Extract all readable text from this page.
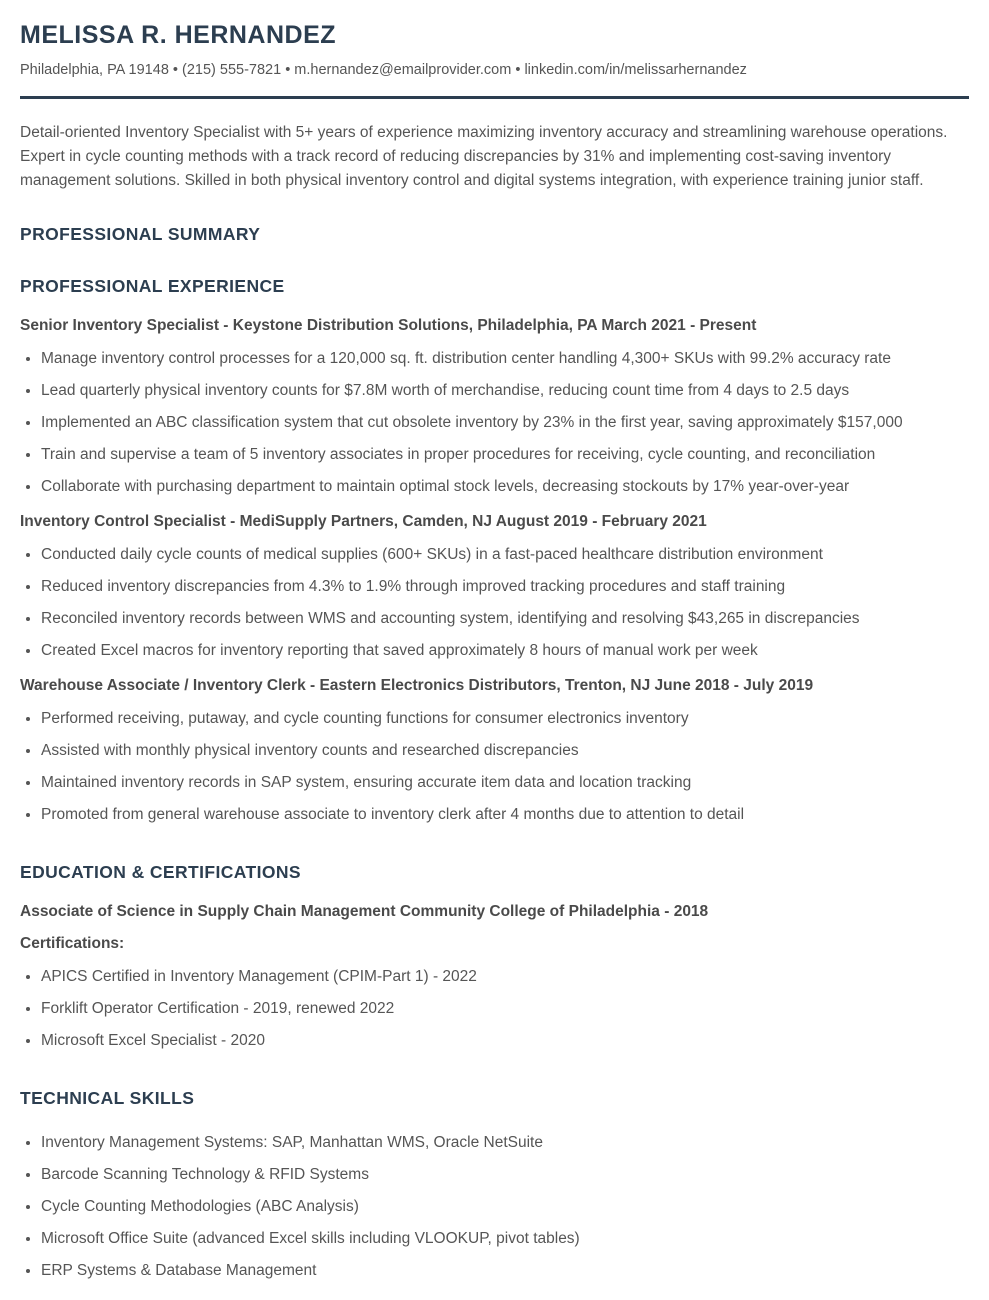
MELISSA R. HERNANDEZ

Philadelphia, PA 19148 • (215) 555-7821 • m.hernandez@emailprovider.com • linkedin.com/in/melissarhernandez

Detail-oriented Inventory Specialist with 5+ years of experience maximizing inventory accuracy and streamlining warehouse operations. Expert in cycle counting methods with a track record of reducing discrepancies by 31% and implementing cost-saving inventory management solutions. Skilled in both physical inventory control and digital systems integration, with experience training junior staff.

PROFESSIONAL SUMMARY
PROFESSIONAL EXPERIENCE
Senior Inventory Specialist - Keystone Distribution Solutions, Philadelphia, PA March 2021 - Present
• Manage inventory control processes for a 120,000 sq. ft. distribution center handling 4,300+ SKUs with 99.2% accuracy rate
• Lead quarterly physical inventory counts for $7.8M worth of merchandise, reducing count time from 4 days to 2.5 days
• Implemented an ABC classification system that cut obsolete inventory by 23% in the first year, saving approximately $157,000
• Train and supervise a team of 5 inventory associates in proper procedures for receiving, cycle counting, and reconciliation
• Collaborate with purchasing department to maintain optimal stock levels, decreasing stockouts by 17% year-over-year
Inventory Control Specialist - MediSupply Partners, Camden, NJ August 2019 - February 2021
• Conducted daily cycle counts of medical supplies (600+ SKUs) in a fast-paced healthcare distribution environment
• Reduced inventory discrepancies from 4.3% to 1.9% through improved tracking procedures and staff training
• Reconciled inventory records between WMS and accounting system, identifying and resolving $43,265 in discrepancies
• Created Excel macros for inventory reporting that saved approximately 8 hours of manual work per week
Warehouse Associate / Inventory Clerk - Eastern Electronics Distributors, Trenton, NJ June 2018 - July 2019
• Performed receiving, putaway, and cycle counting functions for consumer electronics inventory
• Assisted with monthly physical inventory counts and researched discrepancies
• Maintained inventory records in SAP system, ensuring accurate item data and location tracking
• Promoted from general warehouse associate to inventory clerk after 4 months due to attention to detail
EDUCATION & CERTIFICATIONS
Associate of Science in Supply Chain Management Community College of Philadelphia - 2018

Certifications:

• APICS Certified in Inventory Management (CPIM-Part 1) - 2022
• Forklift Operator Certification - 2019, renewed 2022
• Microsoft Excel Specialist - 2020
TECHNICAL SKILLS
• Inventory Management Systems: SAP, Manhattan WMS, Oracle NetSuite
• Barcode Scanning Technology & RFID Systems
• Cycle Counting Methodologies (ABC Analysis)
• Microsoft Office Suite (advanced Excel skills including VLOOKUP, pivot tables)
• ERP Systems & Database Management
